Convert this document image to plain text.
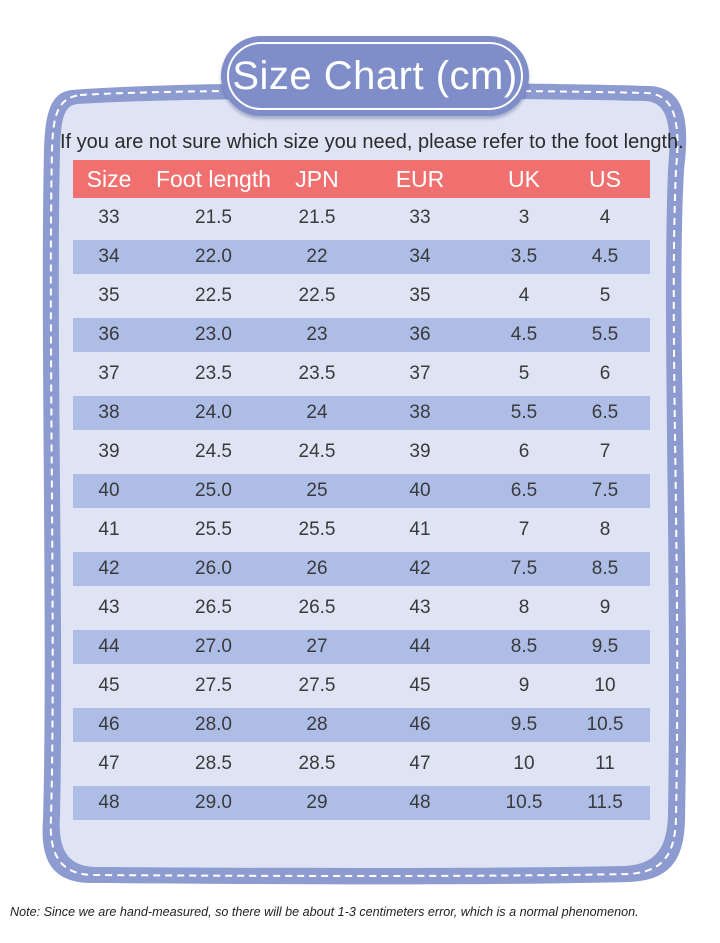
Size Chart (cm)
If you are not sure which size you need, please refer to the foot length.
Size	Foot length	JPN	EUR	UK	US
33	21.5	21.5	33	3	4
34	22.0	22	34	3.5	4.5
35	22.5	22.5	35	4	5
36	23.0	23	36	4.5	5.5
37	23.5	23.5	37	5	6
38	24.0	24	38	5.5	6.5
39	24.5	24.5	39	6	7
40	25.0	25	40	6.5	7.5
41	25.5	25.5	41	7	8
42	26.0	26	42	7.5	8.5
43	26.5	26.5	43	8	9
44	27.0	27	44	8.5	9.5
45	27.5	27.5	45	9	10
46	28.0	28	46	9.5	10.5
47	28.5	28.5	47	10	11
48	29.0	29	48	10.5	11.5
Note: Since we are hand-measured, so there will be about 1-3 centimeters error, which is a normal phenomenon.
